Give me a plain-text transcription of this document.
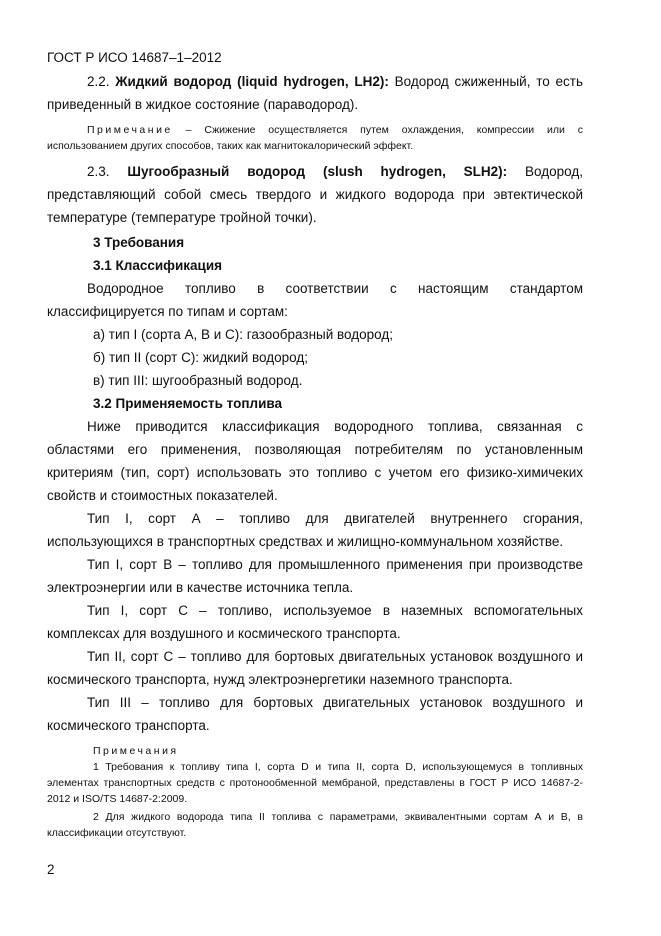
ГОСТ Р ИСО 14687–1–2012

2.2. Жидкий водород (liquid hydrogen, LH2): Водород сжиженный, то есть приведенный в жидкое состояние (параводород).

Примечание – Сжижение осуществляется путем охлаждения, компрессии или с использованием других способов, таких как магнитокалорический эффект.

2.3. Шугообразный водород (slush hydrogen, SLH2): Водород, представляющий собой смесь твердого и жидкого водорода при эвтектической температуре (температуре тройной точки).

3 Требования

3.1 Классификация

Водородное топливо в соответствии с настоящим стандартом классифицируется по типам и сортам:

а) тип I (сорта А, В и С): газообразный водород;

б) тип II (сорт С): жидкий водород;

в) тип III: шугообразный водород.

3.2 Применяемость топлива

Ниже приводится классификация водородного топлива, связанная с областями его применения, позволяющая потребителям по установленным критериям (тип, сорт) использовать это топливо с учетом его физико-химичеких свойств и стоимостных показателей.

Тип I, сорт А – топливо для двигателей внутреннего сгорания, использующихся в транспортных средствах и жилищно-коммунальном хозяйстве.

Тип I, сорт В – топливо для промышленного применения при производстве электроэнергии или в качестве источника тепла.

Тип I, сорт С – топливо, используемое в наземных вспомогательных комплексах для воздушного и космического транспорта.

Тип II, сорт С – топливо для бортовых двигательных установок воздушного и космического транспорта, нужд электроэнергетики наземного транспорта.

Тип III – топливо для бортовых двигательных установок воздушного и космического транспорта.

Примечания

1 Требования к топливу типа I, сорта D и типа II, сорта D, использующемуся в топливных элементах транспортных средств с протонообменной мембраной, представлены в ГОСТ Р ИСО 14687-2-2012 и ISO/TS 14687-2:2009.

2 Для жидкого водорода типа II топлива с параметрами, эквивалентными сортам А и В, в классификации отсутствуют.

2
